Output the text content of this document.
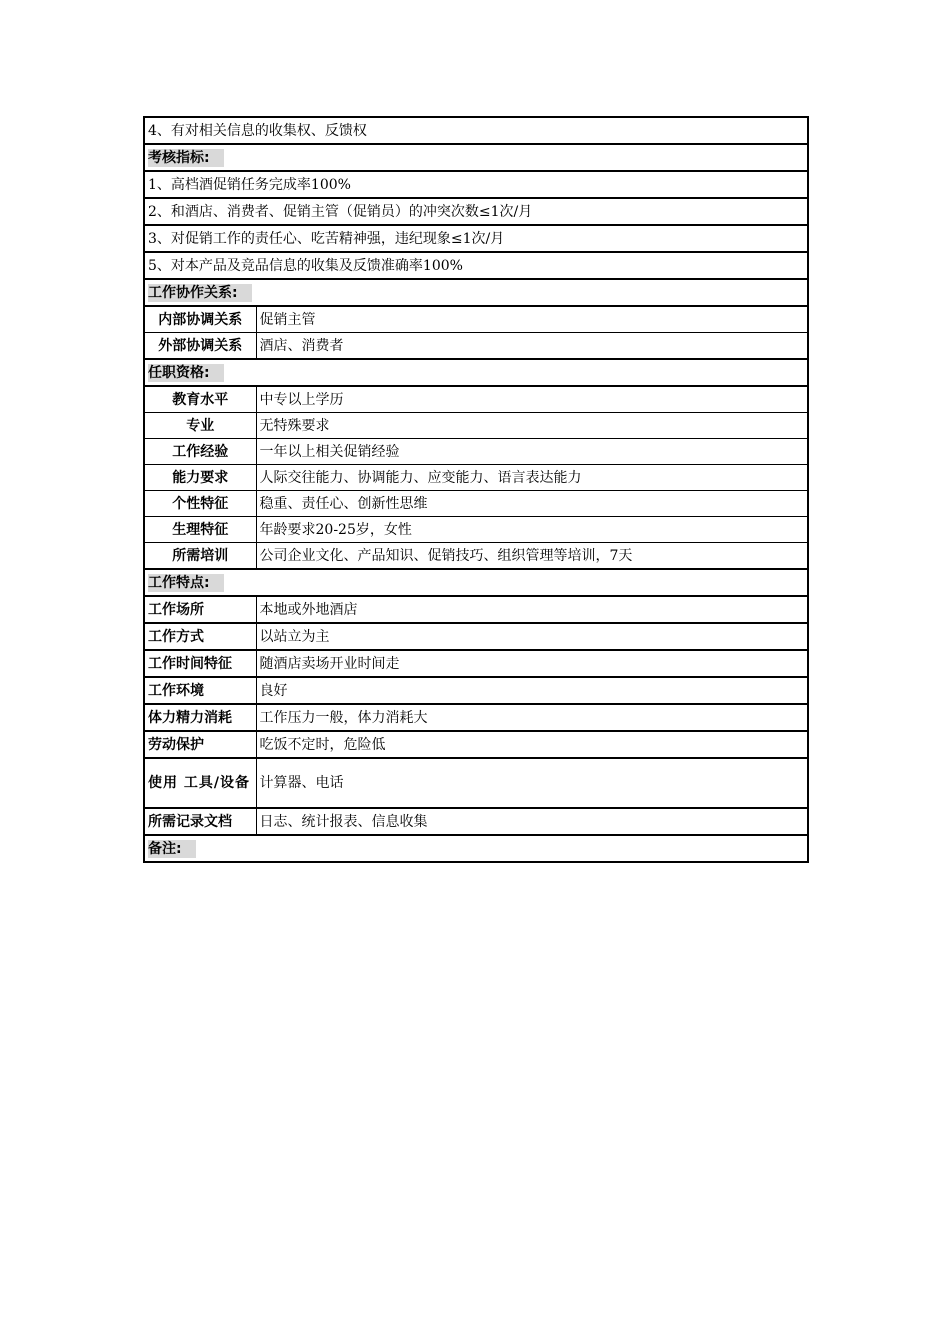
4、有对相关信息的收集权、反馈权	
考核指标:	
1、高档酒促销任务完成率100%	
2、和酒店、消费者、促销主管（促销员）的冲突次数≤1次/月	
3、对促销工作的责任心、吃苦精神强，违纪现象≤1次/月	
5、对本产品及竞品信息的收集及反馈准确率100%	
工作协作关系:	
内部协调关系	促销主管
外部协调关系	酒店、消费者
任职资格:	
教育水平	中专以上学历
专业	无特殊要求
工作经验	一年以上相关促销经验
能力要求	人际交往能力、协调能力、应变能力、语言表达能力
个性特征	稳重、责任心、创新性思维
生理特征	年龄要求20-25岁，女性
所需培训	公司企业文化、产品知识、促销技巧、组织管理等培训，7天
工作特点:	
工作场所	本地或外地酒店
工作方式	以站立为主
工作时间特征	随酒店卖场开业时间走
工作环境	良好
体力精力消耗	工作压力一般，体力消耗大
劳动保护	吃饭不定时，危险低
使用 工具/设备	计算器、电话
所需记录文档	日志、统计报表、信息收集
备注:	
